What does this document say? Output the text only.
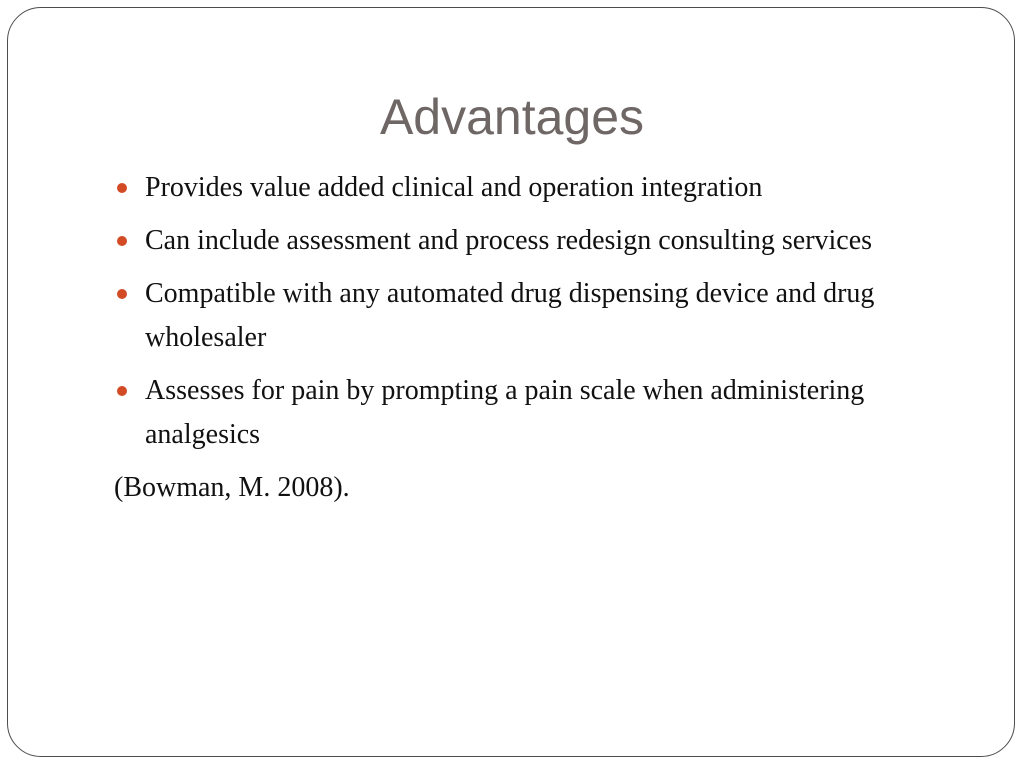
Advantages
Provides value added clinical and operation integration
Can include assessment and process redesign consulting services
Compatible with any automated drug dispensing device and drug wholesaler
Assesses for pain by prompting a pain scale when administering analgesics
(Bowman, M. 2008).
